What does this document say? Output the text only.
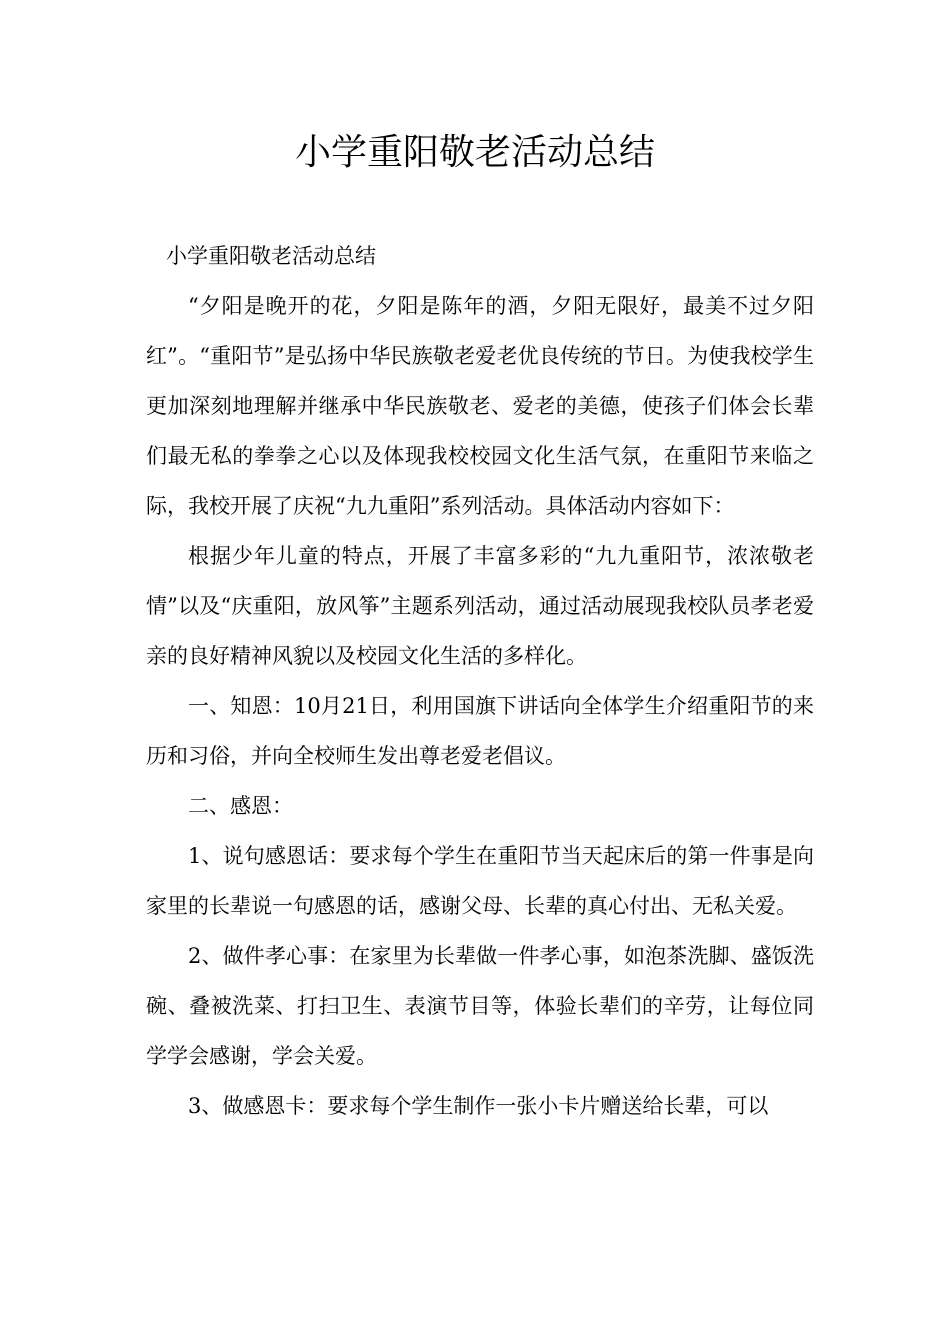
小学重阳敬老活动总结

小学重阳敬老活动总结

“夕阳是晚开的花，夕阳是陈年的酒，夕阳无限好，最美不过夕阳红”。“重阳节”是弘扬中华民族敬老爱老优良传统的节日。为使我校学生更加深刻地理解并继承中华民族敬老、爱老的美德，使孩子们体会长辈们最无私的拳拳之心以及体现我校校园文化生活气氛，在重阳节来临之际，我校开展了庆祝“九九重阳”系列活动。具体活动内容如下：

根据少年儿童的特点，开展了丰富多彩的“九九重阳节，浓浓敬老情”以及“庆重阳，放风筝”主题系列活动，通过活动展现我校队员孝老爱亲的良好精神风貌以及校园文化生活的多样化。

一、知恩：10月21日，利用国旗下讲话向全体学生介绍重阳节的来历和习俗，并向全校师生发出尊老爱老倡议。

二、感恩：

1、说句感恩话：要求每个学生在重阳节当天起床后的第一件事是向家里的长辈说一句感恩的话，感谢父母、长辈的真心付出、无私关爱。

2、做件孝心事：在家里为长辈做一件孝心事，如泡茶洗脚、盛饭洗碗、叠被洗菜、打扫卫生、表演节目等，体验长辈们的辛劳，让每位同学学会感谢，学会关爱。

3、做感恩卡：要求每个学生制作一张小卡片赠送给长辈，可以
